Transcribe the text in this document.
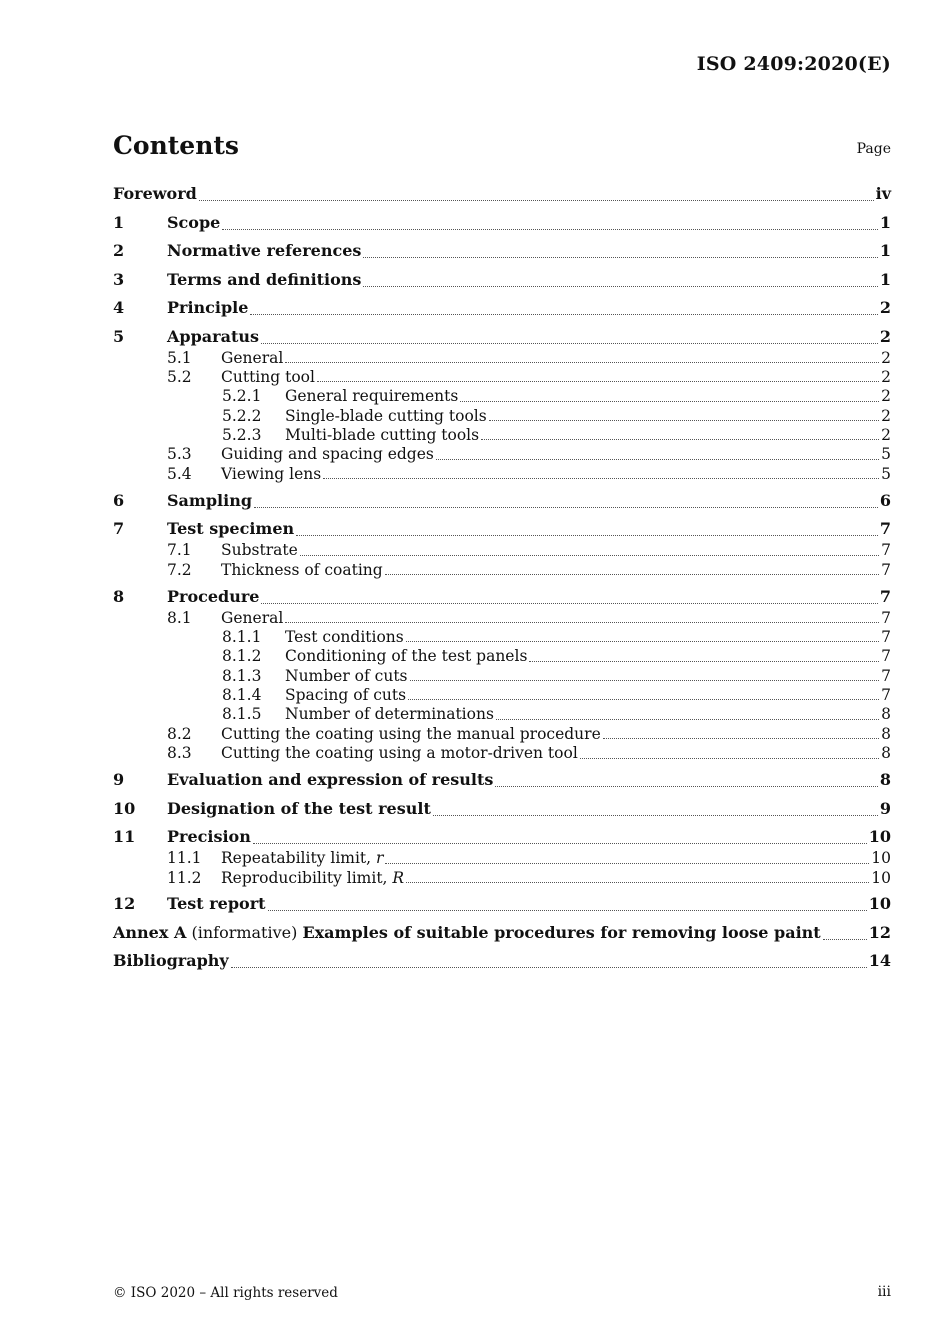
ISO 2409:2020(E)
Contents	Page
Foreword	iv
1	Scope	1
2	Normative references	1
3	Terms and definitions	1
4	Principle	2
5	Apparatus	2
5.1	General	2
5.2	Cutting tool	2
5.2.1	General requirements	2
5.2.2	Single-blade cutting tools	2
5.2.3	Multi-blade cutting tools	2
5.3	Guiding and spacing edges	5
5.4	Viewing lens	5
6	Sampling	6
7	Test specimen	7
7.1	Substrate	7
7.2	Thickness of coating	7
8	Procedure	7
8.1	General	7
8.1.1	Test conditions	7
8.1.2	Conditioning of the test panels	7
8.1.3	Number of cuts	7
8.1.4	Spacing of cuts	7
8.1.5	Number of determinations	8
8.2	Cutting the coating using the manual procedure	8
8.3	Cutting the coating using a motor-driven tool	8
9	Evaluation and expression of results	8
10	Designation of the test result	9
11	Precision	10
11.1	Repeatability limit, r	10
11.2	Reproducibility limit, R	10
12	Test report	10
Annex A (informative) Examples of suitable procedures for removing loose paint	12
Bibliography	14
© ISO 2020 – All rights reserved	iii
